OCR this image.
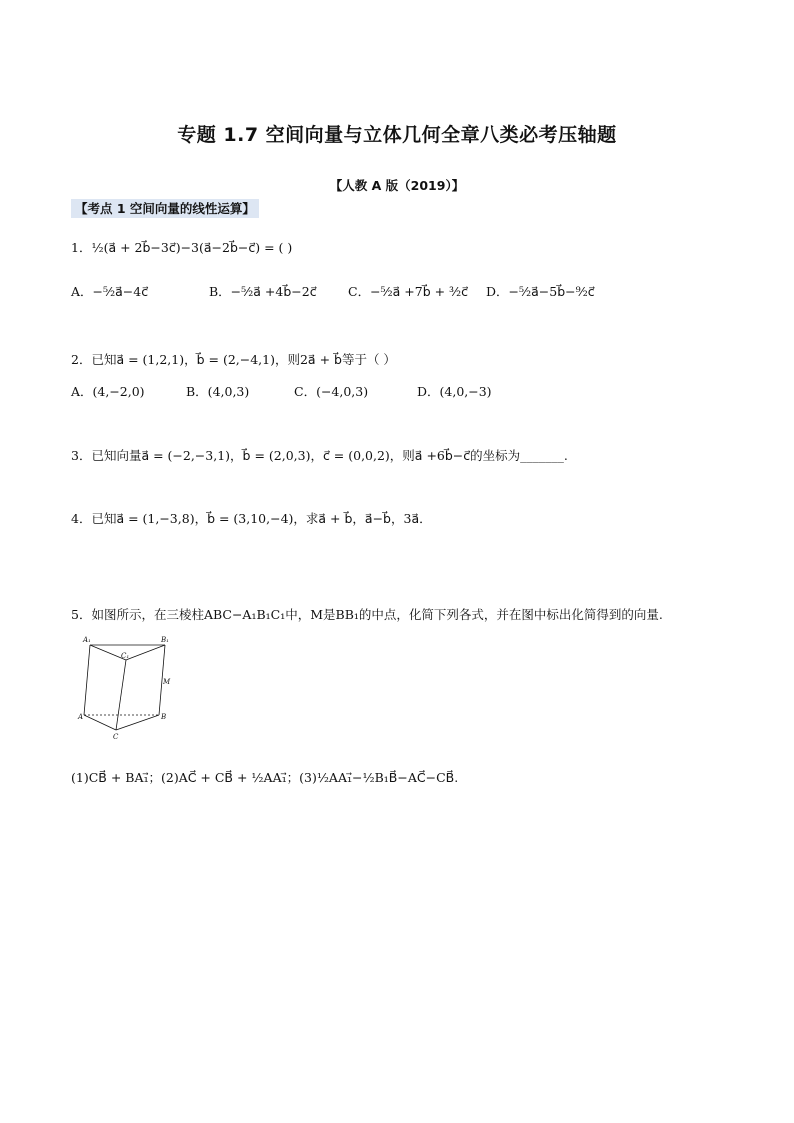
专题 1.7 空间向量与立体几何全章八类必考压轴题
【人教 A 版（2019）】
【考点 1 空间向量的线性运算】
1．½(a⃗ + 2b⃗−3c⃗)−3(a⃗−2b⃗−c⃗) = ( )
A．−⁵⁄₂a⃗−4c⃗	B．−⁵⁄₂a⃗ +4b⃗−2c⃗	C．−⁵⁄₂a⃗ +7b⃗ + ³⁄₂c⃗ D．−⁵⁄₂a⃗−5b⃗−⁹⁄₂c⃗
2．已知a⃗ = (1,2,1)，b⃗ = (2,−4,1)，则2a⃗ + b⃗等于（ ）
A．(4,−2,0)	B．(4,0,3)	C．(−4,0,3)	D．(4,0,−3)
3．已知向量a⃗ = (−2,−3,1)，b⃗ = (2,0,3)，c⃗ = (0,0,2)，则a⃗ +6b⃗−c⃗的坐标为_______.
4．已知a⃗ = (1,−3,8)，b⃗ = (3,10,−4)，求a⃗ + b⃗，a⃗−b⃗，3a⃗．
5．如图所示，在三棱柱ABC−A₁B₁C₁中，M是BB₁的中点，化简下列各式，并在图中标出化简得到的向量.
A₁	B₁
C₁
M
A	B
C
(1)CB⃗ + BA₁⃗；(2)AC⃗ + CB⃗ + ½AA₁⃗；(3)½AA₁⃗−½B₁B⃗−AC⃗−CB⃗.
